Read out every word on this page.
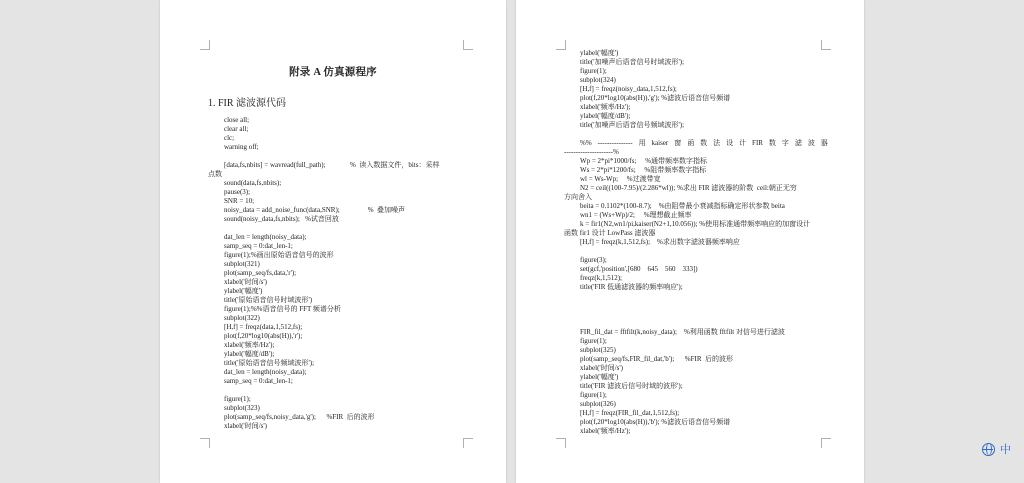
附录 A 仿真源程序
1. FIR 滤波源代码
close all;
clear all;
clc;
warning off;
[data,fs,nbits] = wavread(full_path);              %  读入数据文件，bits：采样
点数
sound(data,fs,nbits);
pause(3);
SNR = 10;
noisy_data = add_noise_func(data,SNR);                %  叠加噪声
sound(noisy_data,fs,nbits);   %试音回放
dat_len = length(noisy_data);
samp_seq = 0:dat_len-1;
figure(1);%画出原始语音信号的波形
subplot(321)
plot(samp_seq/fs,data,'r');
xlabel('时间/s')
ylabel('幅度')
title('原始语音信号时域波形')
figure(1);%%语音信号的 FFT 频谱分析
subplot(322)
[H,f] = freqz(data,1,512,fs);
plot(f,20*log10(abs(H)),'r');
xlabel('频率/Hz');
ylabel('幅度/dB');
title('原始语音信号频域波形');
dat_len = length(noisy_data);
samp_seq = 0:dat_len-1;
figure(1);
subplot(323)
plot(samp_seq/fs,noisy_data,'g');      %FIR  后的波形
xlabel('时间/s')
ylabel('幅度')
title('加噪声后语音信号时域波形');
figure(1);
subplot(324)
[H,f] = freqz(noisy_data,1,512,fs);
plot(f,20*log10(abs(H)),'g'); %滤波后语音信号频谱
xlabel('频率/Hz');
ylabel('幅度/dB');
title('加噪声后语音信号频域波形');
%% --------------- 用 kaiser 窗 函 数 法 设 计 FIR 数 字 滤 波 器
---------------------%
Wp = 2*pi*1000/fs;     %通带频率数字指标
Ws = 2*pi*1200/fs;     %阻带频率数字指标
wl = Ws-Wp;     %过渡带宽
N2 = ceil((100-7.95)/(2.286*wl)); %求出 FIR 滤波器的阶数  ceil:朝正无穷
方向舍入
beita = 0.1102*(100-8.7);    %由阻带最小衰减指标确定形状参数 beita
wn1 = (Ws+Wp)/2;     %理想截止频率
k = fir1(N2,wn1/pi,kaiser(N2+1,10.056)); %使用标准通带频率响应的加窗设计
函数 fir1 设计 LowPass 滤波器
[H,f] = freqz(k,1,512,fs);    %求出数字滤波器频率响应
figure(3);
set(gcf,'position',[680    645    560    333])
freqz(k,1,512);
title('FIR 低通滤波器的频率响应');
FIR_fil_dat = fftfilt(k,noisy_data);    %利用函数 fftfilt 对信号进行滤波
figure(1);
subplot(325)
plot(samp_seq/fs,FIR_fil_dat,'b');      %FIR  后的波形
xlabel('时间/s')
ylabel('幅度')
title('FIR 滤波后信号时域的波形');
figure(1);
subplot(326)
[H,f] = freqz(FIR_fil_dat,1,512,fs);
plot(f,20*log10(abs(H)),'b'); %滤波后语音信号频谱
xlabel('频率/Hz');
中
